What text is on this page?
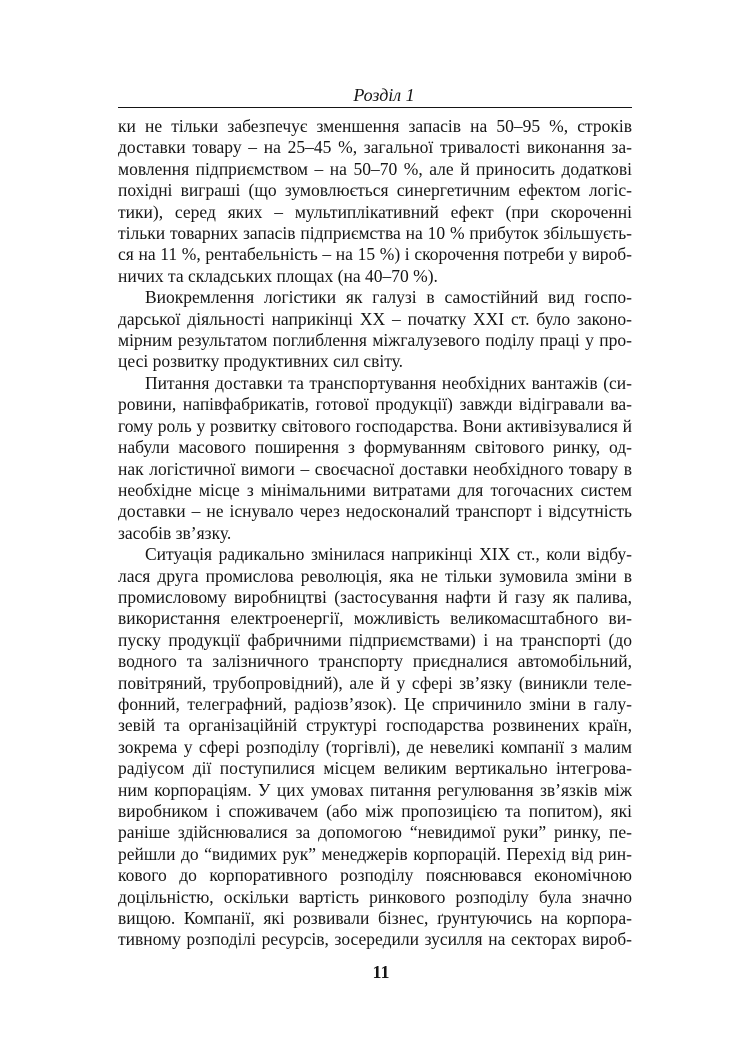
Розділ 1
ки не тільки забезпечує зменшення запасів на 50–95 %, строків
доставки товару – на 25–45 %, загальної тривалості виконання за-
мовлення підприємством – на 50–70 %, але й приносить додаткові
похідні виграші (що зумовлюється синергетичним ефектом логіс-
тики), серед яких – мультиплікативний ефект (при скороченні
тільки товарних запасів підприємства на 10 % прибуток збільшуєть-
ся на 11 %, рентабельність – на 15 %) і скорочення потреби у вироб-
ничих та складських площах (на 40–70 %).
Виокремлення логістики як галузі в самостійний вид госпо-
дарської діяльності наприкінці XX – початку XXI ст. було законо-
мірним результатом поглиблення міжгалузевого поділу праці у про-
цесі розвитку продуктивних сил світу.
Питання доставки та транспортування необхідних вантажів (си-
ровини, напівфабрикатів, готової продукції) завжди відігравали ва-
гому роль у розвитку світового господарства. Вони активізувалися й
набули масового поширення з формуванням світового ринку, од-
нак логістичної вимоги – своєчасної доставки необхідного товару в
необхідне місце з мінімальними витратами для тогочасних систем
доставки – не існувало через недосконалий транспорт і відсутність
засобів зв’язку.
Ситуація радикально змінилася наприкінці XIX ст., коли відбу-
лася друга промислова революція, яка не тільки зумовила зміни в
промисловому виробництві (застосування нафти й газу як палива,
використання електроенергії, можливість великомасштабного ви-
пуску продукції фабричними підприємствами) і на транспорті (до
водного та залізничного транспорту приєдналися автомобільний,
повітряний, трубопровідний), але й у сфері зв’язку (виникли теле-
фонний, телеграфний, радіозв’язок). Це спричинило зміни в галу-
зевій та організаційній структурі господарства розвинених країн,
зокрема у сфері розподілу (торгівлі), де невеликі компанії з малим
радіусом дії поступилися місцем великим вертикально інтегрова-
ним корпораціям. У цих умовах питання регулювання зв’язків між
виробником і споживачем (або між пропозицією та попитом), які
раніше здійснювалися за допомогою “невидимої руки” ринку, пе-
рейшли до “видимих рук” менеджерів корпорацій. Перехід від рин-
кового до корпоративного розподілу пояснювався економічною
доцільністю, оскільки вартість ринкового розподілу була значно
вищою. Компанії, які розвивали бізнес, ґрунтуючись на корпора-
тивному розподілі ресурсів, зосередили зусилля на секторах вироб-
11
